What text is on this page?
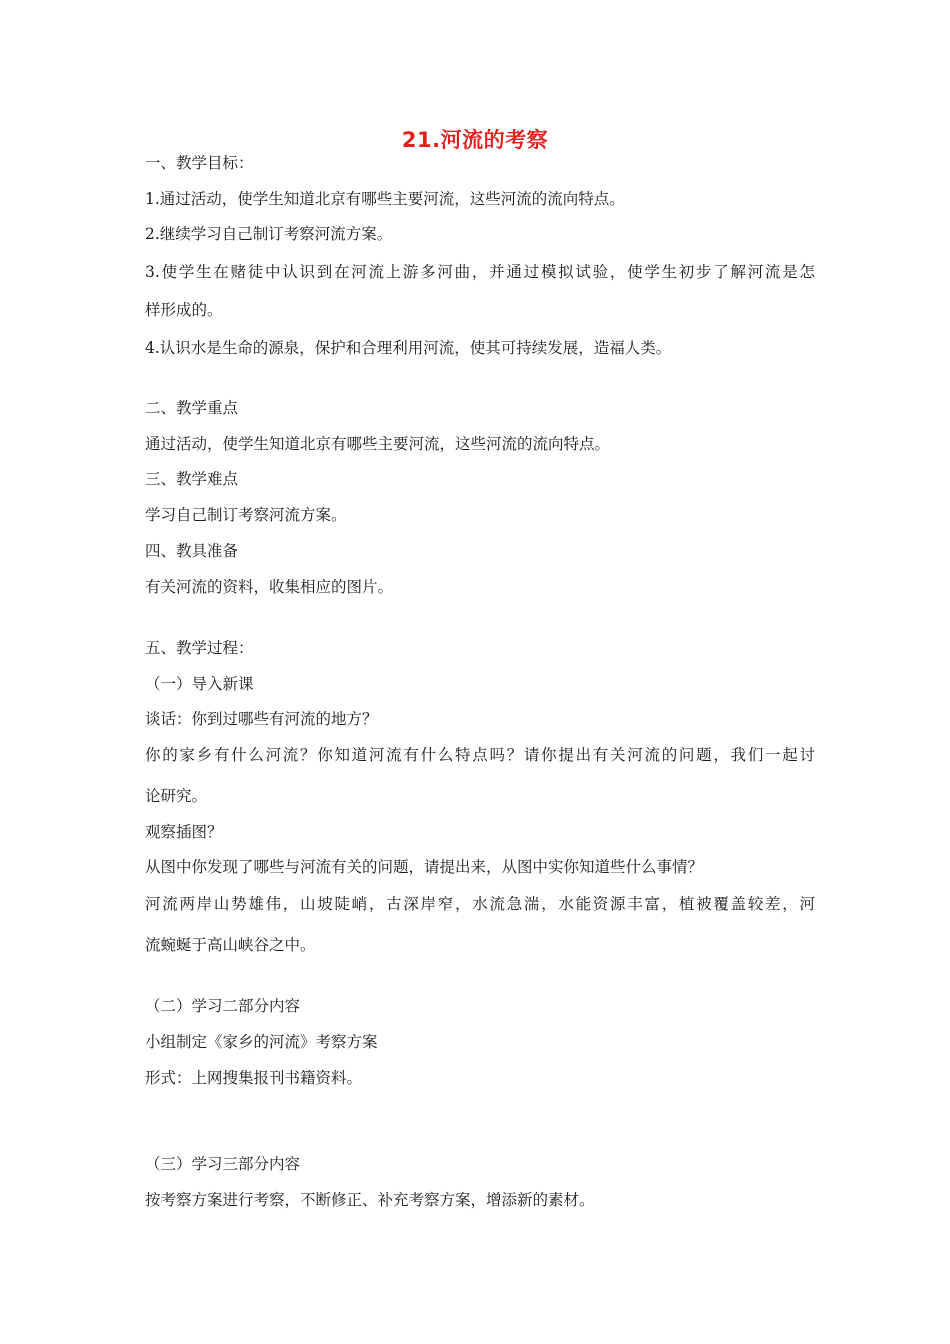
21.河流的考察
一、教学目标：
1.通过活动，使学生知道北京有哪些主要河流，这些河流的流向特点。
2.继续学习自己制订考察河流方案。
3.使学生在赌徒中认识到在河流上游多河曲，并通过模拟试验，使学生初步了解河流是怎
样形成的。
4.认识水是生命的源泉，保护和合理利用河流，使其可持续发展，造福人类。
二、教学重点
通过活动，使学生知道北京有哪些主要河流，这些河流的流向特点。
三、教学难点
学习自己制订考察河流方案。
四、教具准备
有关河流的资料，收集相应的图片。
五、教学过程：
（一）导入新课
谈话：你到过哪些有河流的地方？
你的家乡有什么河流？你知道河流有什么特点吗？请你提出有关河流的问题，我们一起讨
论研究。
观察插图？
从图中你发现了哪些与河流有关的问题，请提出来，从图中实你知道些什么事情？
河流两岸山势雄伟，山坡陡峭，古深岸窄，水流急湍，水能资源丰富，植被覆盖较差，河
流蜿蜒于高山峡谷之中。
（二）学习二部分内容
小组制定《家乡的河流》考察方案
形式：上网搜集报刊书籍资料。
（三）学习三部分内容
按考察方案进行考察，不断修正、补充考察方案，增添新的素材。
